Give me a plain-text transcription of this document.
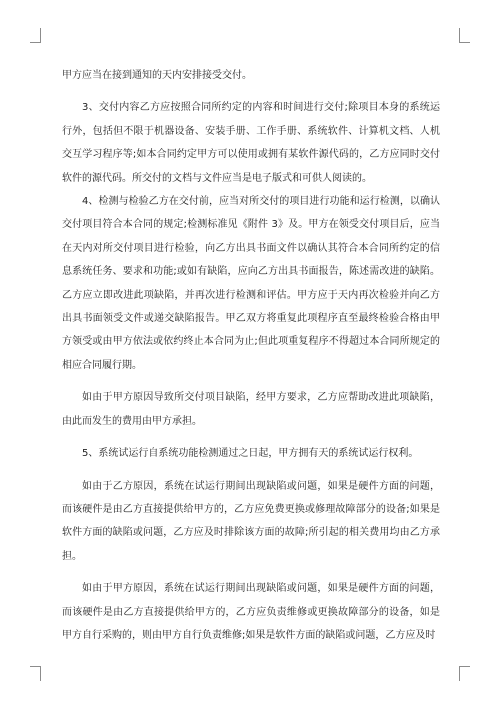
甲方应当在接到通知的天内安排接受交付。

3、交付内容乙方应按照合同所约定的内容和时间进行交付;除项目本身的系统运行外，包括但不限于机器设备、安装手册、工作手册、系统软件、计算机文档、人机交互学习程序等;如本合同约定甲方可以使用或拥有某软件源代码的，乙方应同时交付软件的源代码。所交付的文档与文件应当是电子版式和可供人阅读的。

4、检测与检验乙方在交付前，应当对所交付的项目进行功能和运行检测，以确认交付项目符合本合同的规定;检测标准见《附件 3》及。甲方在领受交付项目后，应当在天内对所交付项目进行检验，向乙方出具书面文件以确认其符合本合同所约定的信息系统任务、要求和功能;或如有缺陷，应向乙方出具书面报告，陈述需改进的缺陷。乙方应立即改进此项缺陷，并再次进行检测和评估。甲方应于天内再次检验并向乙方出具书面领受文件或递交缺陷报告。甲乙双方将重复此项程序直至最终检验合格由甲方领受或由甲方依法或依约终止本合同为止;但此项重复程序不得超过本合同所规定的相应合同履行期。

如由于甲方原因导致所交付项目缺陷，经甲方要求，乙方应帮助改进此项缺陷，由此而发生的费用由甲方承担。

5、系统试运行自系统功能检测通过之日起，甲方拥有天的系统试运行权利。

如由于乙方原因，系统在试运行期间出现缺陷或问题，如果是硬件方面的问题，而该硬件是由乙方直接提供给甲方的，乙方应免费更换或修理故障部分的设备;如果是软件方面的缺陷或问题，乙方应及时排除该方面的故障;所引起的相关费用均由乙方承担。

如由于甲方原因，系统在试运行期间出现缺陷或问题，如果是硬件方面的问题，而该硬件是由乙方直接提供给甲方的，乙方应负责维修或更换故障部分的设备，如是甲方自行采购的，则由甲方自行负责维修;如果是软件方面的缺陷或问题，乙方应及时
